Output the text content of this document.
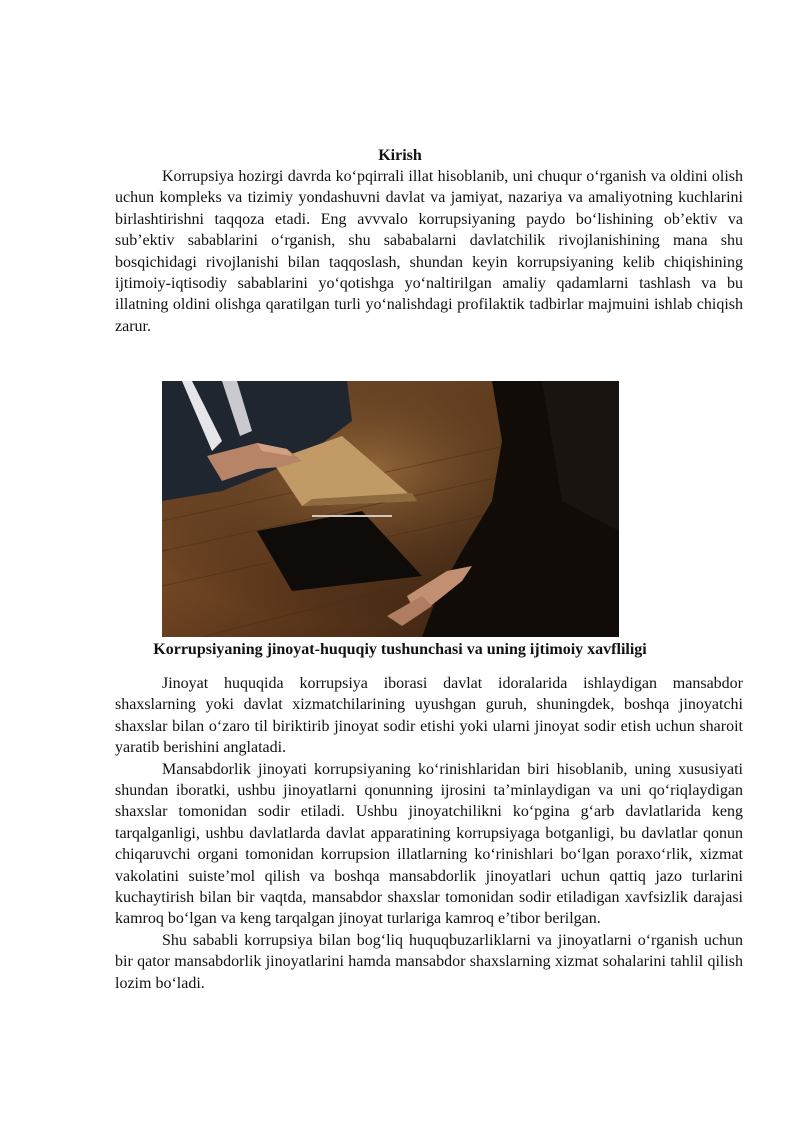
Kirish

Korrupsiya hozirgi davrda ko‘pqirrali illat hisoblanib, uni chuqur o‘rganish va oldini olish uchun kompleks va tizimiy yondashuvni davlat va jamiyat, nazariya va amaliyotning kuchlarini birlashtirishni taqqoza etadi. Eng avvvalo korrupsiyaning paydo bo‘lishining ob’ektiv va sub’ektiv sabablarini o‘rganish, shu sababalarni davlatchilik rivojlanishining mana shu bosqichidagi rivojlanishi bilan taqqoslash, shundan keyin korrupsiyaning kelib chiqishining ijtimoiy-iqtisodiy sabablarini yo‘qotishga yo‘naltirilgan amaliy qadamlarni tashlash va bu illatning oldini olishga qaratilgan turli yo‘nalishdagi profilaktik tadbirlar majmuini ishlab chiqish zarur.

Korrupsiyaning jinoyat-huquqiy tushunchasi va uning ijtimoiy xavfliligi

Jinoyat huquqida korrupsiya iborasi davlat idoralarida ishlaydigan mansabdor shaxslarning yoki davlat xizmatchilarining uyushgan guruh, shuningdek, boshqa jinoyatchi shaxslar bilan o‘zaro til biriktirib jinoyat sodir etishi yoki ularni jinoyat sodir etish uchun sharoit yaratib berishini anglatadi.

Mansabdorlik jinoyati korrupsiyaning ko‘rinishlaridan biri hisoblanib, uning xususiyati shundan iboratki, ushbu jinoyatlarni qonunning ijrosini ta’minlaydigan va uni qo‘riqlaydigan shaxslar tomonidan sodir etiladi. Ushbu jinoyatchilikni ko‘pgina g‘arb davlatlarida keng tarqalganligi, ushbu davlatlarda davlat apparatining korrupsiyaga botganligi, bu davlatlar qonun chiqaruvchi organi tomonidan korrupsion illatlarning ko‘rinishlari bo‘lgan poraxo‘rlik, xizmat vakolatini suiste’mol qilish va boshqa mansabdorlik jinoyatlari uchun qattiq jazo turlarini kuchaytirish bilan bir vaqtda, mansabdor shaxslar tomonidan sodir etiladigan xavfsizlik darajasi kamroq bo‘lgan va keng tarqalgan jinoyat turlariga kamroq e’tibor berilgan.

Shu sababli korrupsiya bilan bog‘liq huquqbuzarliklarni va jinoyatlarni o‘rganish uchun bir qator mansabdorlik jinoyatlarini hamda mansabdor shaxslarning xizmat sohalarini tahlil qilish lozim bo‘ladi.
